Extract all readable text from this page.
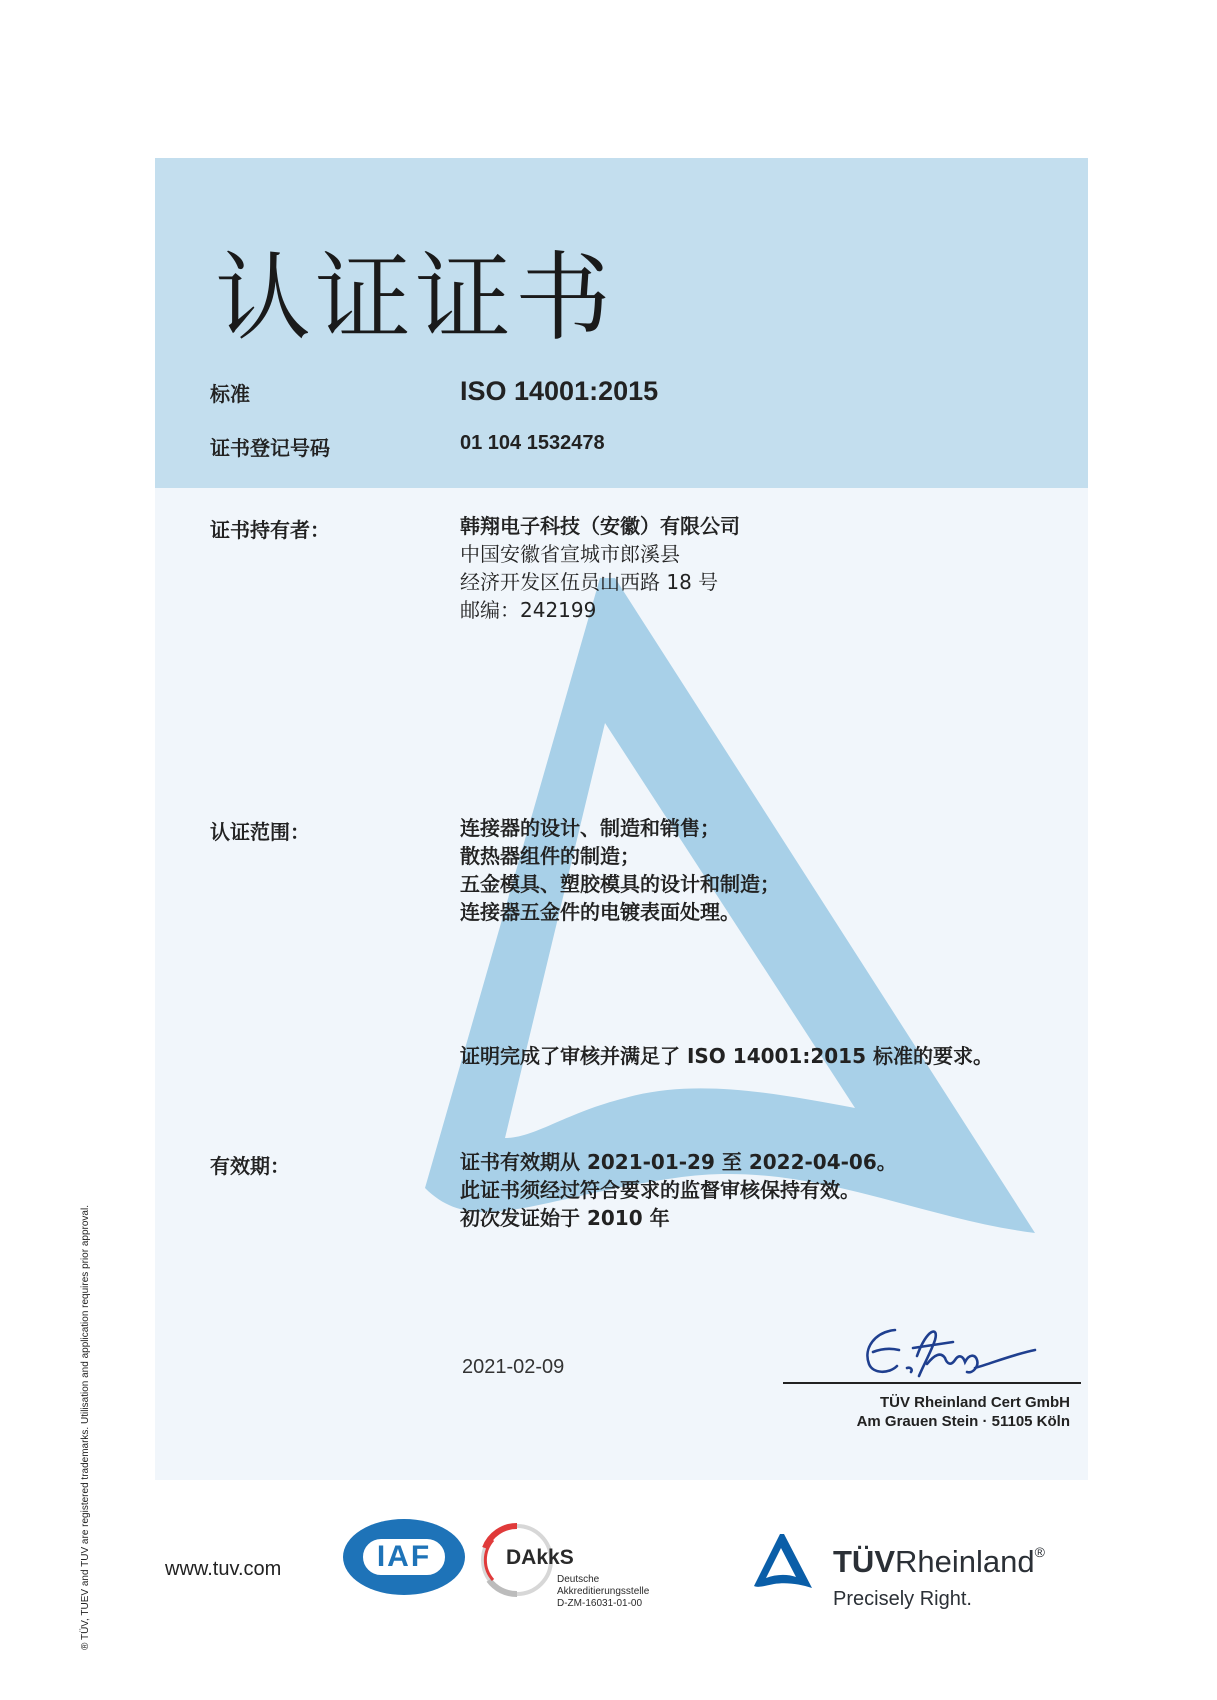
认证证书
标准	ISO 14001:2015
证书登记号码	01 104 1532478
证书持有者：	韩翔电子科技（安徽）有限公司
中国安徽省宣城市郎溪县
经济开发区伍员山西路 18 号
邮编：242199
认证范围：	连接器的设计、制造和销售；
散热器组件的制造；
五金模具、塑胶模具的设计和制造；
连接器五金件的电镀表面处理。
证明完成了审核并满足了 ISO 14001:2015 标准的要求。
有效期：	证书有效期从 2021-01-29 至 2022-04-06。
此证书须经过符合要求的监督审核保持有效。
初次发证始于 2010 年
2021-02-09
TÜV Rheinland Cert GmbH
Am Grauen Stein · 51105 Köln
® TÜV, TUEV and TUV are registered trademarks. Utilisation and application requires prior approval.	www.tuv.com	IAF	DAkkS
Deutsche
Akkreditierungsstelle
D-ZM-16031-01-00
TÜVRheinland®
Precisely Right.
